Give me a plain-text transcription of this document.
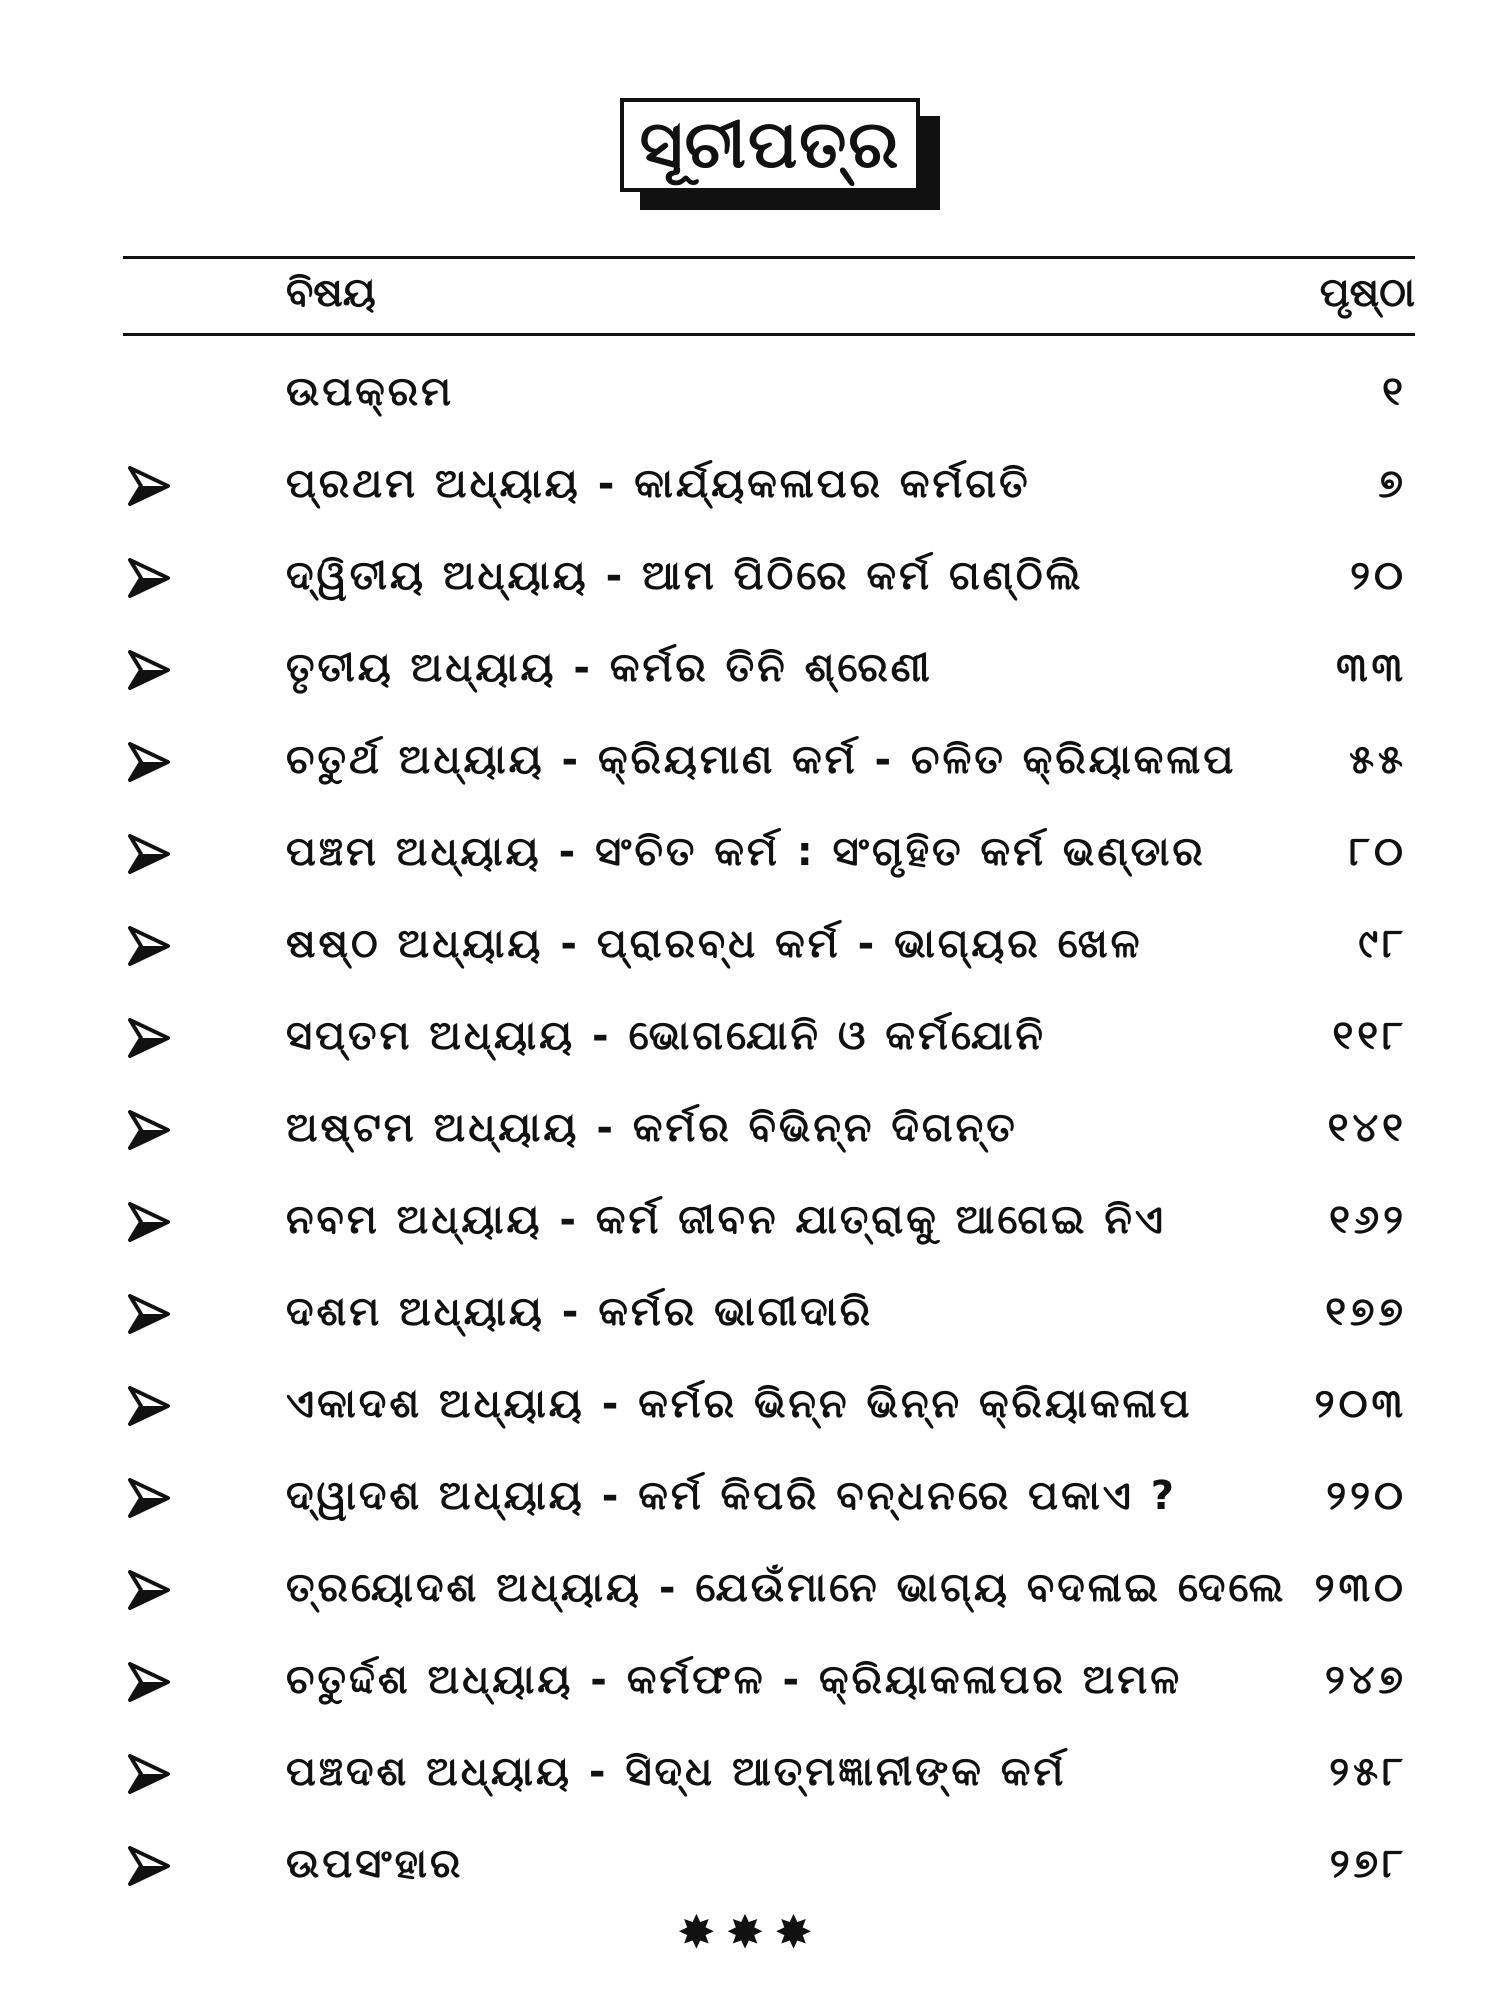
ସୂଚୀପତ୍ର
ବିଷୟ	ପୃଷ୍ଠା
ଉପକ୍ରମ	୧
ପ୍ରଥମ ଅଧ୍ୟାୟ - କାର୍ଯ୍ୟକଳାପର କର୍ମଗତି	୭
ଦ୍ୱିତୀୟ ଅଧ୍ୟାୟ - ଆମ ପିଠିରେ କର୍ମ ଗଣ୍ଠିଲି	୨୦
ତୃତୀୟ ଅଧ୍ୟାୟ - କର୍ମର ତିନି ଶ୍ରେଣୀ	୩୩
ଚତୁର୍ଥ ଅଧ୍ୟାୟ - କ୍ରିୟମାଣ କର୍ମ - ଚଳିତ କ୍ରିୟାକଳାପ	୫୫
ପଞ୍ଚମ ଅଧ୍ୟାୟ - ସଂଚିତ କର୍ମ : ସଂଗୃହିତ କର୍ମ ଭଣ୍ଡାର	୮୦
ଷଷ୍ଠ ଅଧ୍ୟାୟ - ପ୍ରାରବ୍ଧ କର୍ମ - ଭାଗ୍ୟର ଖେଳ	୯୮
ସପ୍ତମ ଅଧ୍ୟାୟ - ଭୋଗଯୋନି ଓ କର୍ମଯୋନି	୧୧୮
ଅଷ୍ଟମ ଅଧ୍ୟାୟ - କର୍ମର ବିଭିନ୍ନ ଦିଗନ୍ତ	୧୪୧
ନବମ ଅଧ୍ୟାୟ - କର୍ମ ଜୀବନ ଯାତ୍ରାକୁ ଆଗେଇ ନିଏ	୧୬୨
ଦଶମ ଅଧ୍ୟାୟ - କର୍ମର ଭାଗୀଦାରି	୧୭୭
ଏକାଦଶ ଅଧ୍ୟାୟ - କର୍ମର ଭିନ୍ନ ଭିନ୍ନ କ୍ରିୟାକଳାପ	୨୦୩
ଦ୍ୱାଦଶ ଅଧ୍ୟାୟ - କର୍ମ କିପରି ବନ୍ଧନରେ ପକାଏ ?	୨୨୦
ତ୍ରୟୋଦଶ ଅଧ୍ୟାୟ - ଯେଉଁମାନେ ଭାଗ୍ୟ ବଦଳାଇ ଦେଲେ ୨୩୦
ଚତୁର୍ଦ୍ଦଶ ଅଧ୍ୟାୟ - କର୍ମଫଳ - କ୍ରିୟାକଳାପର ଅମଳ	୨୪୭
ପଞ୍ଚଦଶ ଅଧ୍ୟାୟ - ସିଦ୍ଧ ଆତ୍ମଜ୍ଞାନୀଙ୍କ କର୍ମ	୨୫୮
ଉପସଂହାର	୨୭୮
✸✸✸
